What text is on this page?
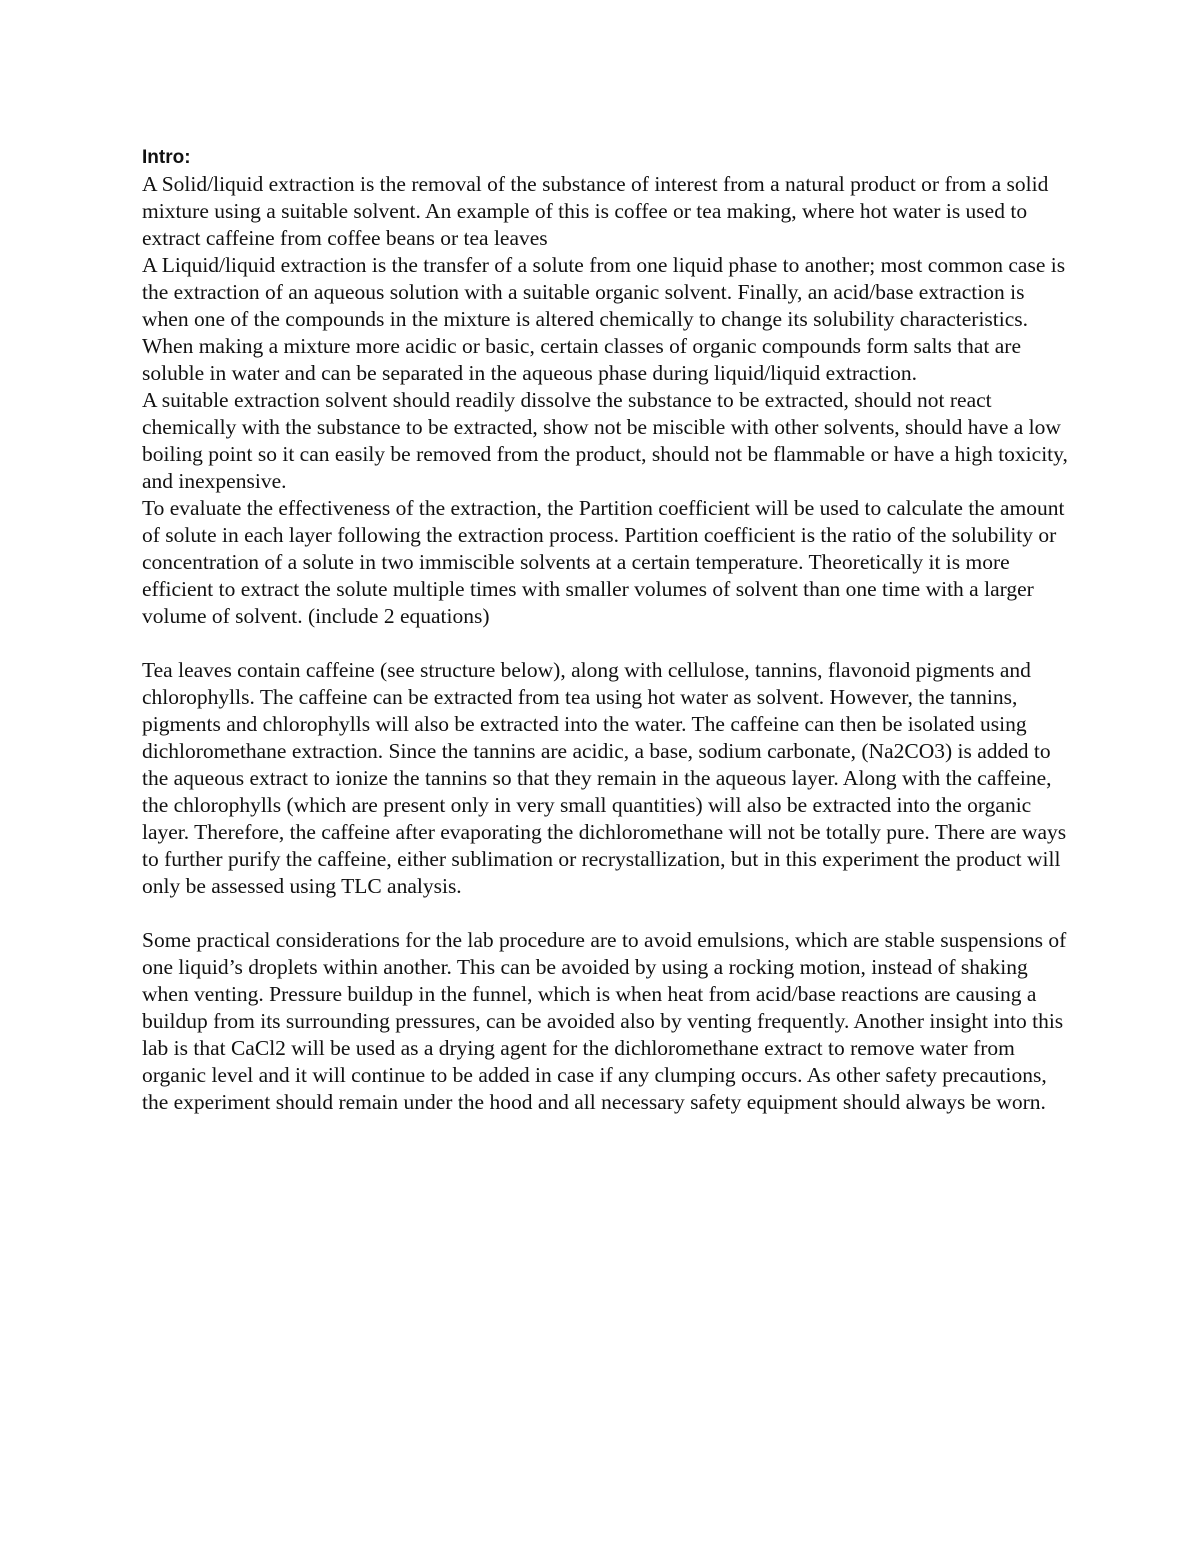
Intro:

A Solid/liquid extraction is the removal of the substance of interest from a natural product or from a solid mixture using a suitable solvent. An example of this is coffee or tea making, where hot water is used to extract caffeine from coffee beans or tea leaves

A Liquid/liquid extraction is the transfer of a solute from one liquid phase to another; most common case is the extraction of an aqueous solution with a suitable organic solvent. Finally, an acid/base extraction is when one of the compounds in the mixture is altered chemically to change its solubility characteristics. When making a mixture more acidic or basic, certain classes of organic compounds form salts that are soluble in water and can be separated in the aqueous phase during liquid/liquid extraction.

A suitable extraction solvent should readily dissolve the substance to be extracted, should not react chemically with the substance to be extracted, show not be miscible with other solvents, should have a low boiling point so it can easily be removed from the product, should not be flammable or have a high toxicity, and inexpensive.

To evaluate the effectiveness of the extraction, the Partition coefficient will be used to calculate the amount of solute in each layer following the extraction process. Partition coefficient is the ratio of the solubility or concentration of a solute in two immiscible solvents at a certain temperature. Theoretically it is more efficient to extract the solute multiple times with smaller volumes of solvent than one time with a larger volume of solvent. (include 2 equations)

Tea leaves contain caffeine (see structure below), along with cellulose, tannins, flavonoid pigments and chlorophylls. The caffeine can be extracted from tea using hot water as solvent. However, the tannins, pigments and chlorophylls will also be extracted into the water. The caffeine can then be isolated using dichloromethane extraction. Since the tannins are acidic, a base, sodium carbonate, (Na2CO3) is added to the aqueous extract to ionize the tannins so that they remain in the aqueous layer. Along with the caffeine, the chlorophylls (which are present only in very small quantities) will also be extracted into the organic layer. Therefore, the caffeine after evaporating the dichloromethane will not be totally pure. There are ways to further purify the caffeine, either sublimation or recrystallization, but in this experiment the product will only be assessed using TLC analysis.

Some practical considerations for the lab procedure are to avoid emulsions, which are stable suspensions of one liquid’s droplets within another. This can be avoided by using a rocking motion, instead of shaking when venting. Pressure buildup in the funnel, which is when heat from acid/base reactions are causing a buildup from its surrounding pressures, can be avoided also by venting frequently. Another insight into this lab is that CaCl2 will be used as a drying agent for the dichloromethane extract to remove water from organic level and it will continue to be added in case if any clumping occurs. As other safety precautions, the experiment should remain under the hood and all necessary safety equipment should always be worn.
